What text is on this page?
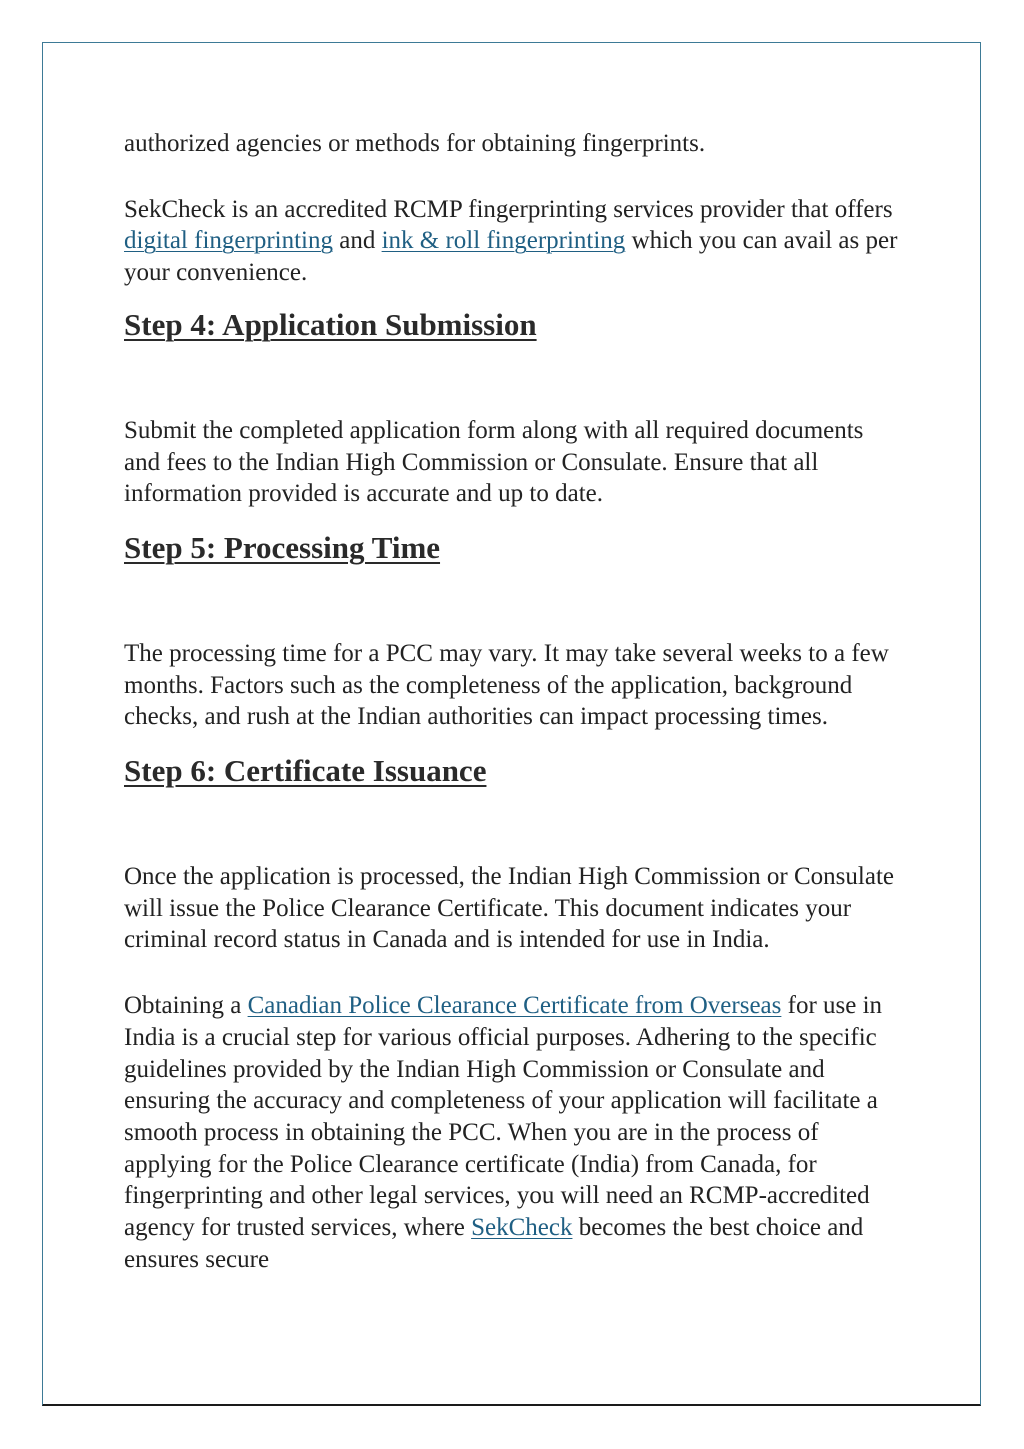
authorized agencies or methods for obtaining fingerprints.

SekCheck is an accredited RCMP fingerprinting services provider that offers digital fingerprinting and ink & roll fingerprinting which you can avail as per your convenience.

Step 4: Application Submission

Submit the completed application form along with all required documents and fees to the Indian High Commission or Consulate. Ensure that all information provided is accurate and up to date.

Step 5: Processing Time

The processing time for a PCC may vary. It may take several weeks to a few months. Factors such as the completeness of the application, background checks, and rush at the Indian authorities can impact processing times.

Step 6: Certificate Issuance

Once the application is processed, the Indian High Commission or Consulate will issue the Police Clearance Certificate. This document indicates your criminal record status in Canada and is intended for use in India.

Obtaining a Canadian Police Clearance Certificate from Overseas for use in India is a crucial step for various official purposes. Adhering to the specific guidelines provided by the Indian High Commission or Consulate and ensuring the accuracy and completeness of your application will facilitate a smooth process in obtaining the PCC. When you are in the process of applying for the Police Clearance certificate (India) from Canada, for fingerprinting and other legal services, you will need an RCMP-accredited agency for trusted services, where SekCheck becomes the best choice and ensures secure
